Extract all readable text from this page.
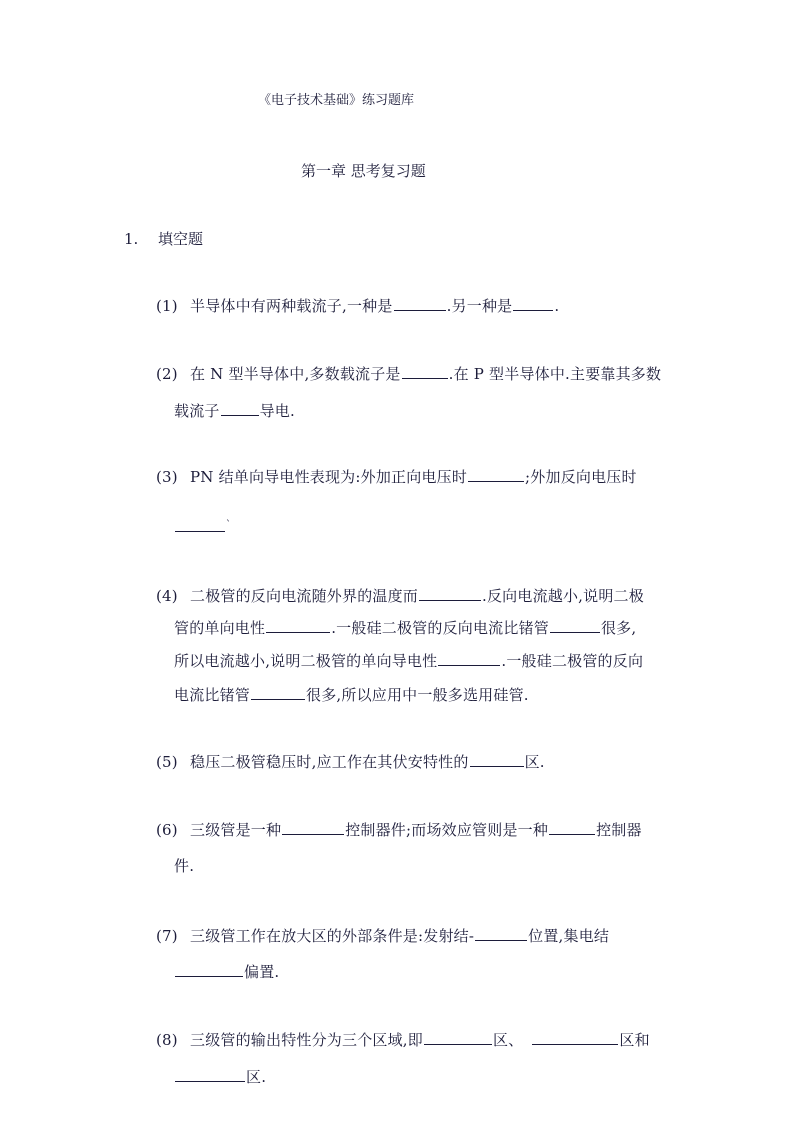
《电子技术基础》练习题库
第一章 思考复习题
1. 填空题
(1) 半导体中有两种载流子,一种是	.另一种是	.
(2) 在 N 型半导体中,多数载流子是	.在 P 型半导体中.主要靠其多数
载流子	导电.
(3) PN 结单向导电性表现为:外加正向电压时	;外加反向电压时
`
(4) 二极管的反向电流随外界的温度而	.反向电流越小,说明二极
管的单向电性	.一般硅二极管的反向电流比锗管	很多,
所以电流越小,说明二极管的单向导电性	.一般硅二极管的反向
电流比锗管	很多,所以应用中一般多选用硅管.
(5) 稳压二极管稳压时,应工作在其伏安特性的	区.
(6) 三级管是一种	控制器件;而场效应管则是一种	控制器
件.
(7) 三级管工作在放大区的外部条件是:发射结-	位置,集电结
偏置.
(8) 三级管的输出特性分为三个区域,即	区、	区和
区.
